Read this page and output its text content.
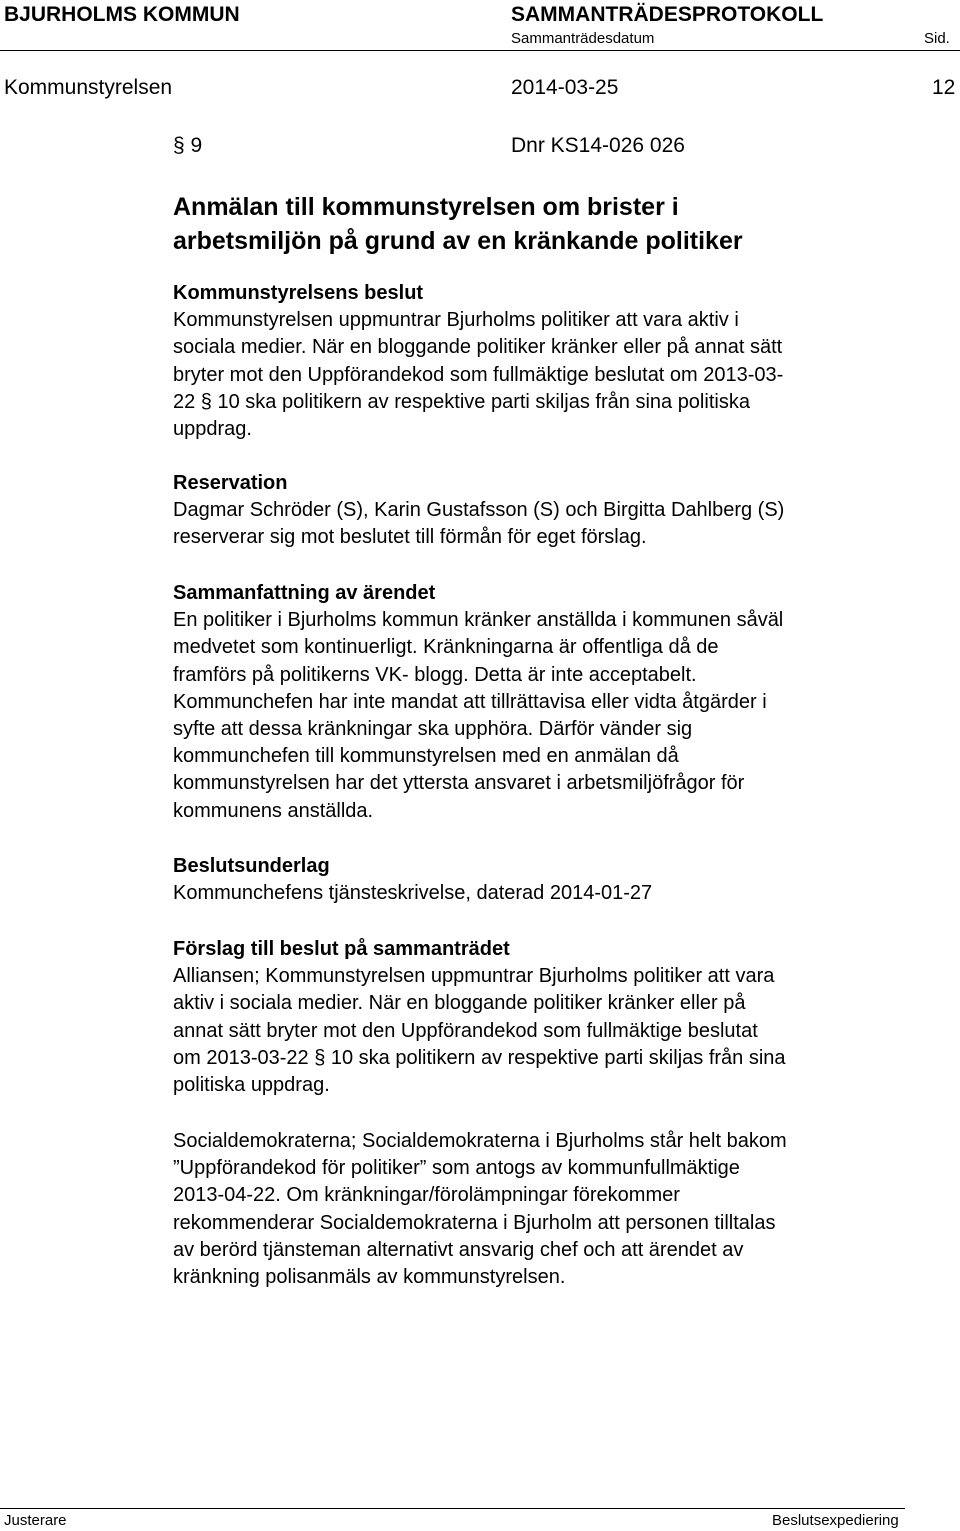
BJURHOLMS KOMMUN	SAMMANTRÄDESPROTOKOLL
Sammanträdesdatum	Sid.
Kommunstyrelsen	2014-03-25	12
§ 9	Dnr KS14-026 026
Anmälan till kommunstyrelsen om brister i
arbetsmiljön på grund av en kränkande politiker

Kommunstyrelsens beslut

Kommunstyrelsen uppmuntrar Bjurholms politiker att vara aktiv i

sociala medier. När en bloggande politiker kränker eller på annat sätt

bryter mot den Uppförandekod som fullmäktige beslutat om 2013-03-

22 § 10 ska politikern av respektive parti skiljas från sina politiska

uppdrag.

Reservation

Dagmar Schröder (S), Karin Gustafsson (S) och Birgitta Dahlberg (S)

reserverar sig mot beslutet till förmån för eget förslag.

Sammanfattning av ärendet

En politiker i Bjurholms kommun kränker anställda i kommunen såväl

medvetet som kontinuerligt. Kränkningarna är offentliga då de

framförs på politikerns VK- blogg. Detta är inte acceptabelt.

Kommunchefen har inte mandat att tillrättavisa eller vidta åtgärder i

syfte att dessa kränkningar ska upphöra. Därför vänder sig

kommunchefen till kommunstyrelsen med en anmälan då

kommunstyrelsen har det yttersta ansvaret i arbetsmiljöfrågor för

kommunens anställda.

Beslutsunderlag

Kommunchefens tjänsteskrivelse, daterad 2014-01-27

Förslag till beslut på sammanträdet

Alliansen; Kommunstyrelsen uppmuntrar Bjurholms politiker att vara

aktiv i sociala medier. När en bloggande politiker kränker eller på

annat sätt bryter mot den Uppförandekod som fullmäktige beslutat

om 2013-03-22 § 10 ska politikern av respektive parti skiljas från sina

politiska uppdrag.

Socialdemokraterna; Socialdemokraterna i Bjurholms står helt bakom

”Uppförandekod för politiker” som antogs av kommunfullmäktige

2013-04-22. Om kränkningar/förolämpningar förekommer

rekommenderar Socialdemokraterna i Bjurholm att personen tilltalas

av berörd tjänsteman alternativt ansvarig chef och att ärendet av

kränkning polisanmäls av kommunstyrelsen.

Justerare	Beslutsexpediering
